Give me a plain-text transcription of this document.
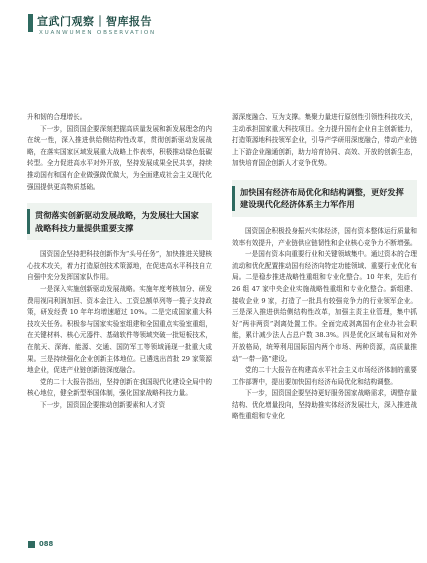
宣武门观察｜智库报告
XUANWUMEN OBSERVATION

升和韧的合理增长。

下一步，国资国企要深刻把握高质量发展和新发展理念的内在统一性，深入推进供给侧结构性改革，贯彻创新驱动发展战略，在落实国家区域发展重大战略上作表率，积极推动绿色低碳转型。全力促进高水平对外开放，坚持发展成果全民共享，持续推动国有和国有企业做强做优做大，为全面建成社会主义现代化强国提供更高物质基础。

贯彻落实创新驱动发展战略，为发展壮大国家战略科技力量提供重要支撑

国资国企坚持把科技创新作为“头号任务”，加快推进关键核心技术攻关，着力打造原创技术策源地，在促进高水平科技自立自强中充分发挥国家队作用。

一是深入实施创新驱动发展战略。实施年度考核加分、研发费用视同利润加回、资本金注入、工资总额单列等一揽子支持政策，研发经费 10 年年均增速超过 10%。二是完成国家重大科技攻关任务。积极参与国家实验室组建和全国重点实验室重组，在关键材料、核心元器件、基础软件等领域突破一批短板技术，在航天、深海、能源、交通、国防军工等领域涌现一批重大成果。三是持续强化企业创新主体地位。已遴选出首批 29 家策源地企业，促进产业链创新链深度融合。

党的二十大报告指出，坚持创新在我国现代化建设全局中的核心地位，健全新型举国体制，强化国家战略科技力量。

下一步，国资国企要推动创新要素和人才资

源深度融合、互为支撑。集聚力量进行原创性引领性科技攻关，主动承担国家重大科技项目。全力提升国有企业自主创新能力，打造策源地科技领军企业，引导产学研用深度融合，带动产业链上下游企业融通创新，助力培育协同、高效、开放的创新生态，加快培育国企创新人才竞争优势。

加快国有经济布局优化和结构调整，更好发挥建设现代化经济体系主力军作用

国资国企积极投身振兴实体经济，国有资本整体运行质量和效率有效提升，产业链供应链韧性和企业核心竞争力不断增强。

一是国有资本向重要行业和关键领域集中。通过资本的合理流动和优化配置推动国有经济向特定功能领域、重要行业优化布局。二是稳步推进战略性重组和专业化整合。10 年来，先后有 26 组 47 家中央企业实施战略性重组和专业化整合。新组建、接收企业 9 家，打造了一批具有较强竞争力的行业领军企业。三是深入推进供给侧结构性改革，加强主责主业管理，集中抓好“两非两资”剥离处置工作。全面完成剥离国有企业办社会职能，累计减少法人占总户数 38.3%。四是优化区域布局和对外开放格局，统筹利用国际国内两个市场、两种资源，高质量推动“一带一路”建设。

党的二十大报告在构建高水平社会主义市场经济体制的重要工作部署中，提出要加快国有经济布局优化和结构调整。

下一步，国资国企要坚持更好服务国家战略需求，调整存量结构、优化增量投向，坚持助推实体经济发展壮大，深入推进战略性重组和专业化

088
